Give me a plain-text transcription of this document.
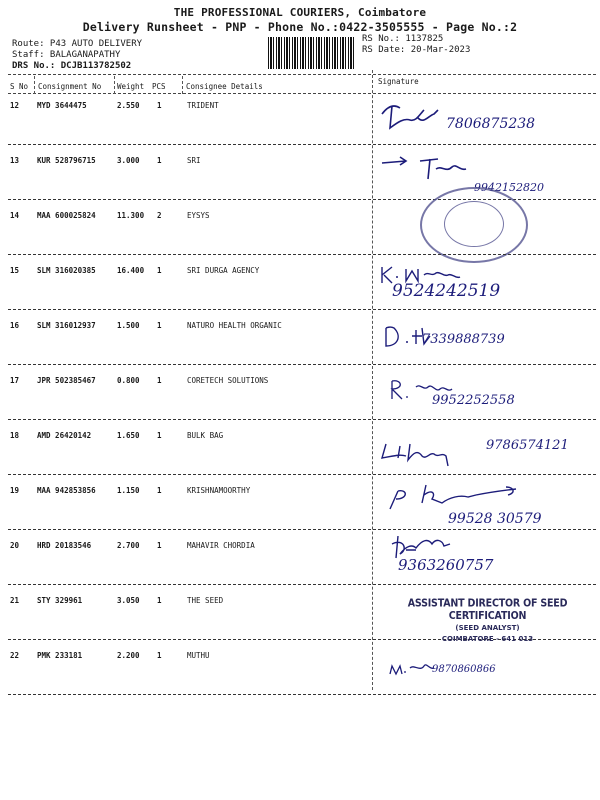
THE PROFESSIONAL COURIERS, Coimbatore
Delivery Runsheet - PNP - Phone No.:0422-3505555 - Page No.:2
Route: P43 AUTO DELIVERY
Staff: BALAGANAPATHY
DRS No.: DCJB113782502
RS No.: 1137825
RS Date: 20-Mar-2023
S No Consignment No Weight PCS	Consignee Details
Signature
12 MYD 3644475	2.550 1	TRIDENT
7806875238
13 KUR 528796715	3.000 1	SRI
9942152820
14 MAA 600025824	11.300 2	EYSYS
15 SLM 316020385	16.400 1	SRI DURGA AGENCY
9524242519
16 SLM 316012937	1.500 1	NATURO HEALTH ORGANIC
7339888739
17 JPR 502385467	0.800 1	CORETECH SOLUTIONS
9952252558
18 AMD 26420142	1.650 1	BULK BAG
9786574121
19 MAA 942853856	1.150 1	KRISHNAMOORTHY
99528 30579
20 HRD 20183546	2.700 1	MAHAVIR CHORDIA
9363260757
21 STY 329961	3.050 1	THE SEED	ASSISTANT DIRECTOR OF SEED CERTIFICATION
(SEED ANALYST)
COIMBATORE - 641 013
22 PMK 233181	2.200 1	MUTHU
9870860866
